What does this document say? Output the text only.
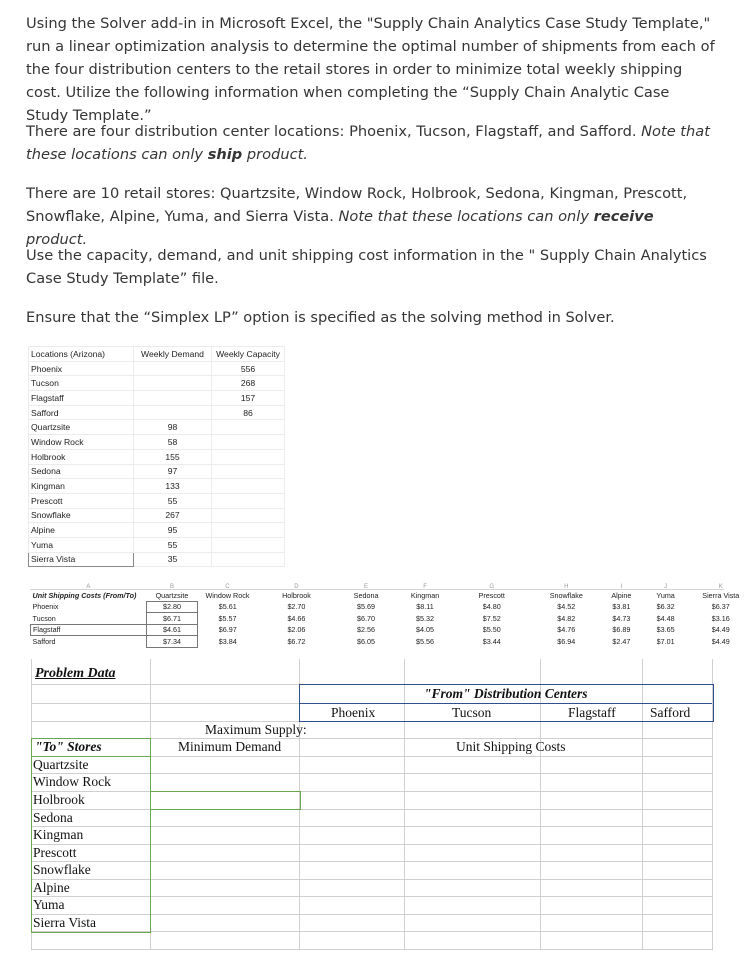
Using the Solver add-in in Microsoft Excel, the "Supply Chain Analytics Case Study Template," run a linear optimization analysis to determine the optimal number of shipments from each of the four distribution centers to the retail stores in order to minimize total weekly shipping cost. Utilize the following information when completing the “Supply Chain Analytic Case Study Template.”

There are four distribution center locations: Phoenix, Tucson, Flagstaff, and Safford. Note that these locations can only ship product.

There are 10 retail stores: Quartzsite, Window Rock, Holbrook, Sedona, Kingman, Prescott, Snowflake, Alpine, Yuma, and Sierra Vista. Note that these locations can only receive product.

Use the capacity, demand, and unit shipping cost information in the " Supply Chain Analytics Case Study Template” file.

Ensure that the “Simplex LP” option is specified as the solving method in Solver.

Locations (Arizona)	Weekly Demand	Weekly Capacity
Phoenix		556
Tucson		268
Flagstaff		157
Safford		86
Quartzsite	98	
Window Rock	58	
Holbrook	155	
Sedona	97	
Kingman	133	
Prescott	55	
Snowflake	267	
Alpine	95	
Yuma	55	
Sierra Vista	35	
A	B	C	D	E	F	G	H	I	J	K
Unit Shipping Costs (From/To)	Quartzsite	Window Rock	Holbrook	Sedona	Kingman	Prescott	Snowflake	Alpine	Yuma	Sierra Vista
Phoenix	$2.80	$5.61	$2.70	$5.69	$8.11	$4.80	$4.52	$3.81	$6.32	$6.37
Tucson	$6.71	$5.57	$4.66	$6.70	$5.32	$7.52	$4.82	$4.73	$4.48	$3.16
Flagstaff	$4.61	$6.97	$2.06	$2.56	$4.05	$5.50	$4.76	$6.89	$3.65	$4.49
Safford	$7.34	$3.84	$6.72	$6.05	$5.56	$3.44	$6.94	$2.47	$7.01	$4.49
Problem Data
"From" Distribution Centers
Phoenix	Tucson	Flagstaff	Safford
Maximum Supply:
Minimum Demand	Unit Shipping Costs
"To" Stores
Quartzsite
Window Rock
Holbrook
Sedona
Kingman
Prescott
Snowflake
Alpine
Yuma
Sierra Vista
